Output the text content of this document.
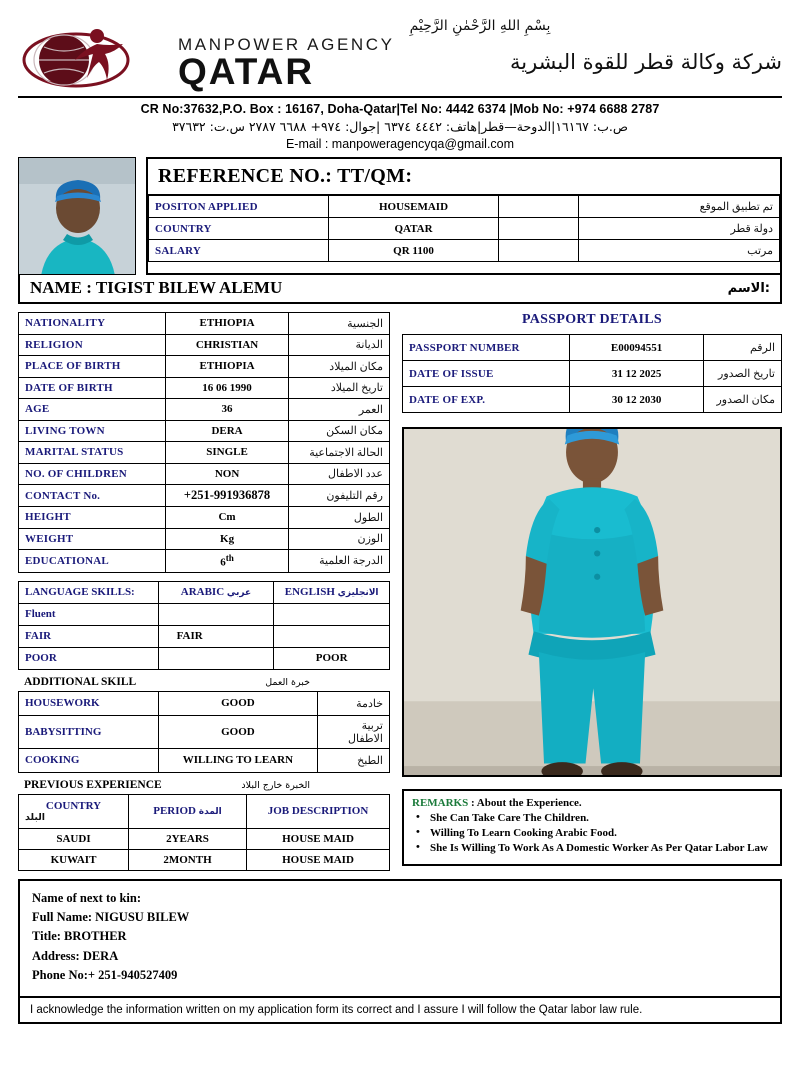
بِسْمِ اللهِ الرَّحْمٰنِ الرَّحِيْمِ
MANPOWER AGENCY
QATAR	شركة وكالة قطر للقوة البشرية
CR No:37632,P.O. Box : 16167, Doha-Qatar|Tel No: 4442 6374 |Mob No: +974 6688 2787
ص.ب: ١٦١٦٧|الدوحة—قطر|هاتف: ٤٤٤٢ ٦٣٧٤ |جوال: ٩٧٤+ ٦٦٨٨ ٢٧٨٧ س.ت: ٣٧٦٣٢
E-mail : manpoweragencyqa@gmail.com
REFERENCE NO.: TT/QM:
POSITON APPLIED	HOUSEMAID		تم تطبيق الموقع
COUNTRY	QATAR		دولة قطر
SALARY	QR 1100		مرتب
NAME : TIGIST BILEW ALEMU	الاسم:
NATIONALITY	ETHIOPIA	الجنسية
RELIGION	CHRISTIAN	الديانة
PLACE OF BIRTH	ETHIOPIA	مكان الميلاد
DATE OF BIRTH	16 06 1990	تاريخ الميلاد
AGE	36	العمر
LIVING TOWN	DERA	مكان السكن
MARITAL STATUS	SINGLE	الحالة الاجتماعية
NO. OF CHILDREN	NON	عدد الاطفال
CONTACT No.	+251-991936878	رقم التليفون
HEIGHT	Cm	الطول
WEIGHT	Kg	الوزن
EDUCATIONAL	6th	الدرجة العلمية
LANGUAGE SKILLS:	ARABIC عربي	ENGLISH الانجليزي
Fluent		
FAIR	FAIR	
POOR		POOR
ADDITIONAL SKILL	خبرة العمل
HOUSEWORK	GOOD	خادمة
BABYSITTING	GOOD	تربية الاطفال
COOKING	WILLING TO LEARN	الطبخ
PREVIOUS EXPERIENCE	الخبرة خارج البلاد
COUNTRY
البلد	PERIOD المدة	JOB DESCRIPTION
SAUDI	2YEARS	HOUSE MAID
KUWAIT	2MONTH	HOUSE MAID
PASSPORT DETAILS
PASSPORT NUMBER	E00094551	الرقم
DATE OF ISSUE	31 12 2025	تاريخ الصدور
DATE OF EXP.	30 12 2030	مكان الصدور
REMARKS : About the Experience.
• She Can Take Care The Children.
• Willing To Learn Cooking Arabic Food.
• She Is Willing To Work As A Domestic Worker As Per Qatar Labor Law
Name of next to kin:
Full Name: NIGUSU BILEW
Title: BROTHER
Address: DERA
Phone No:+ 251-940527409
I acknowledge the information written on my application form its correct and I assure I will follow the Qatar labor law rule.
